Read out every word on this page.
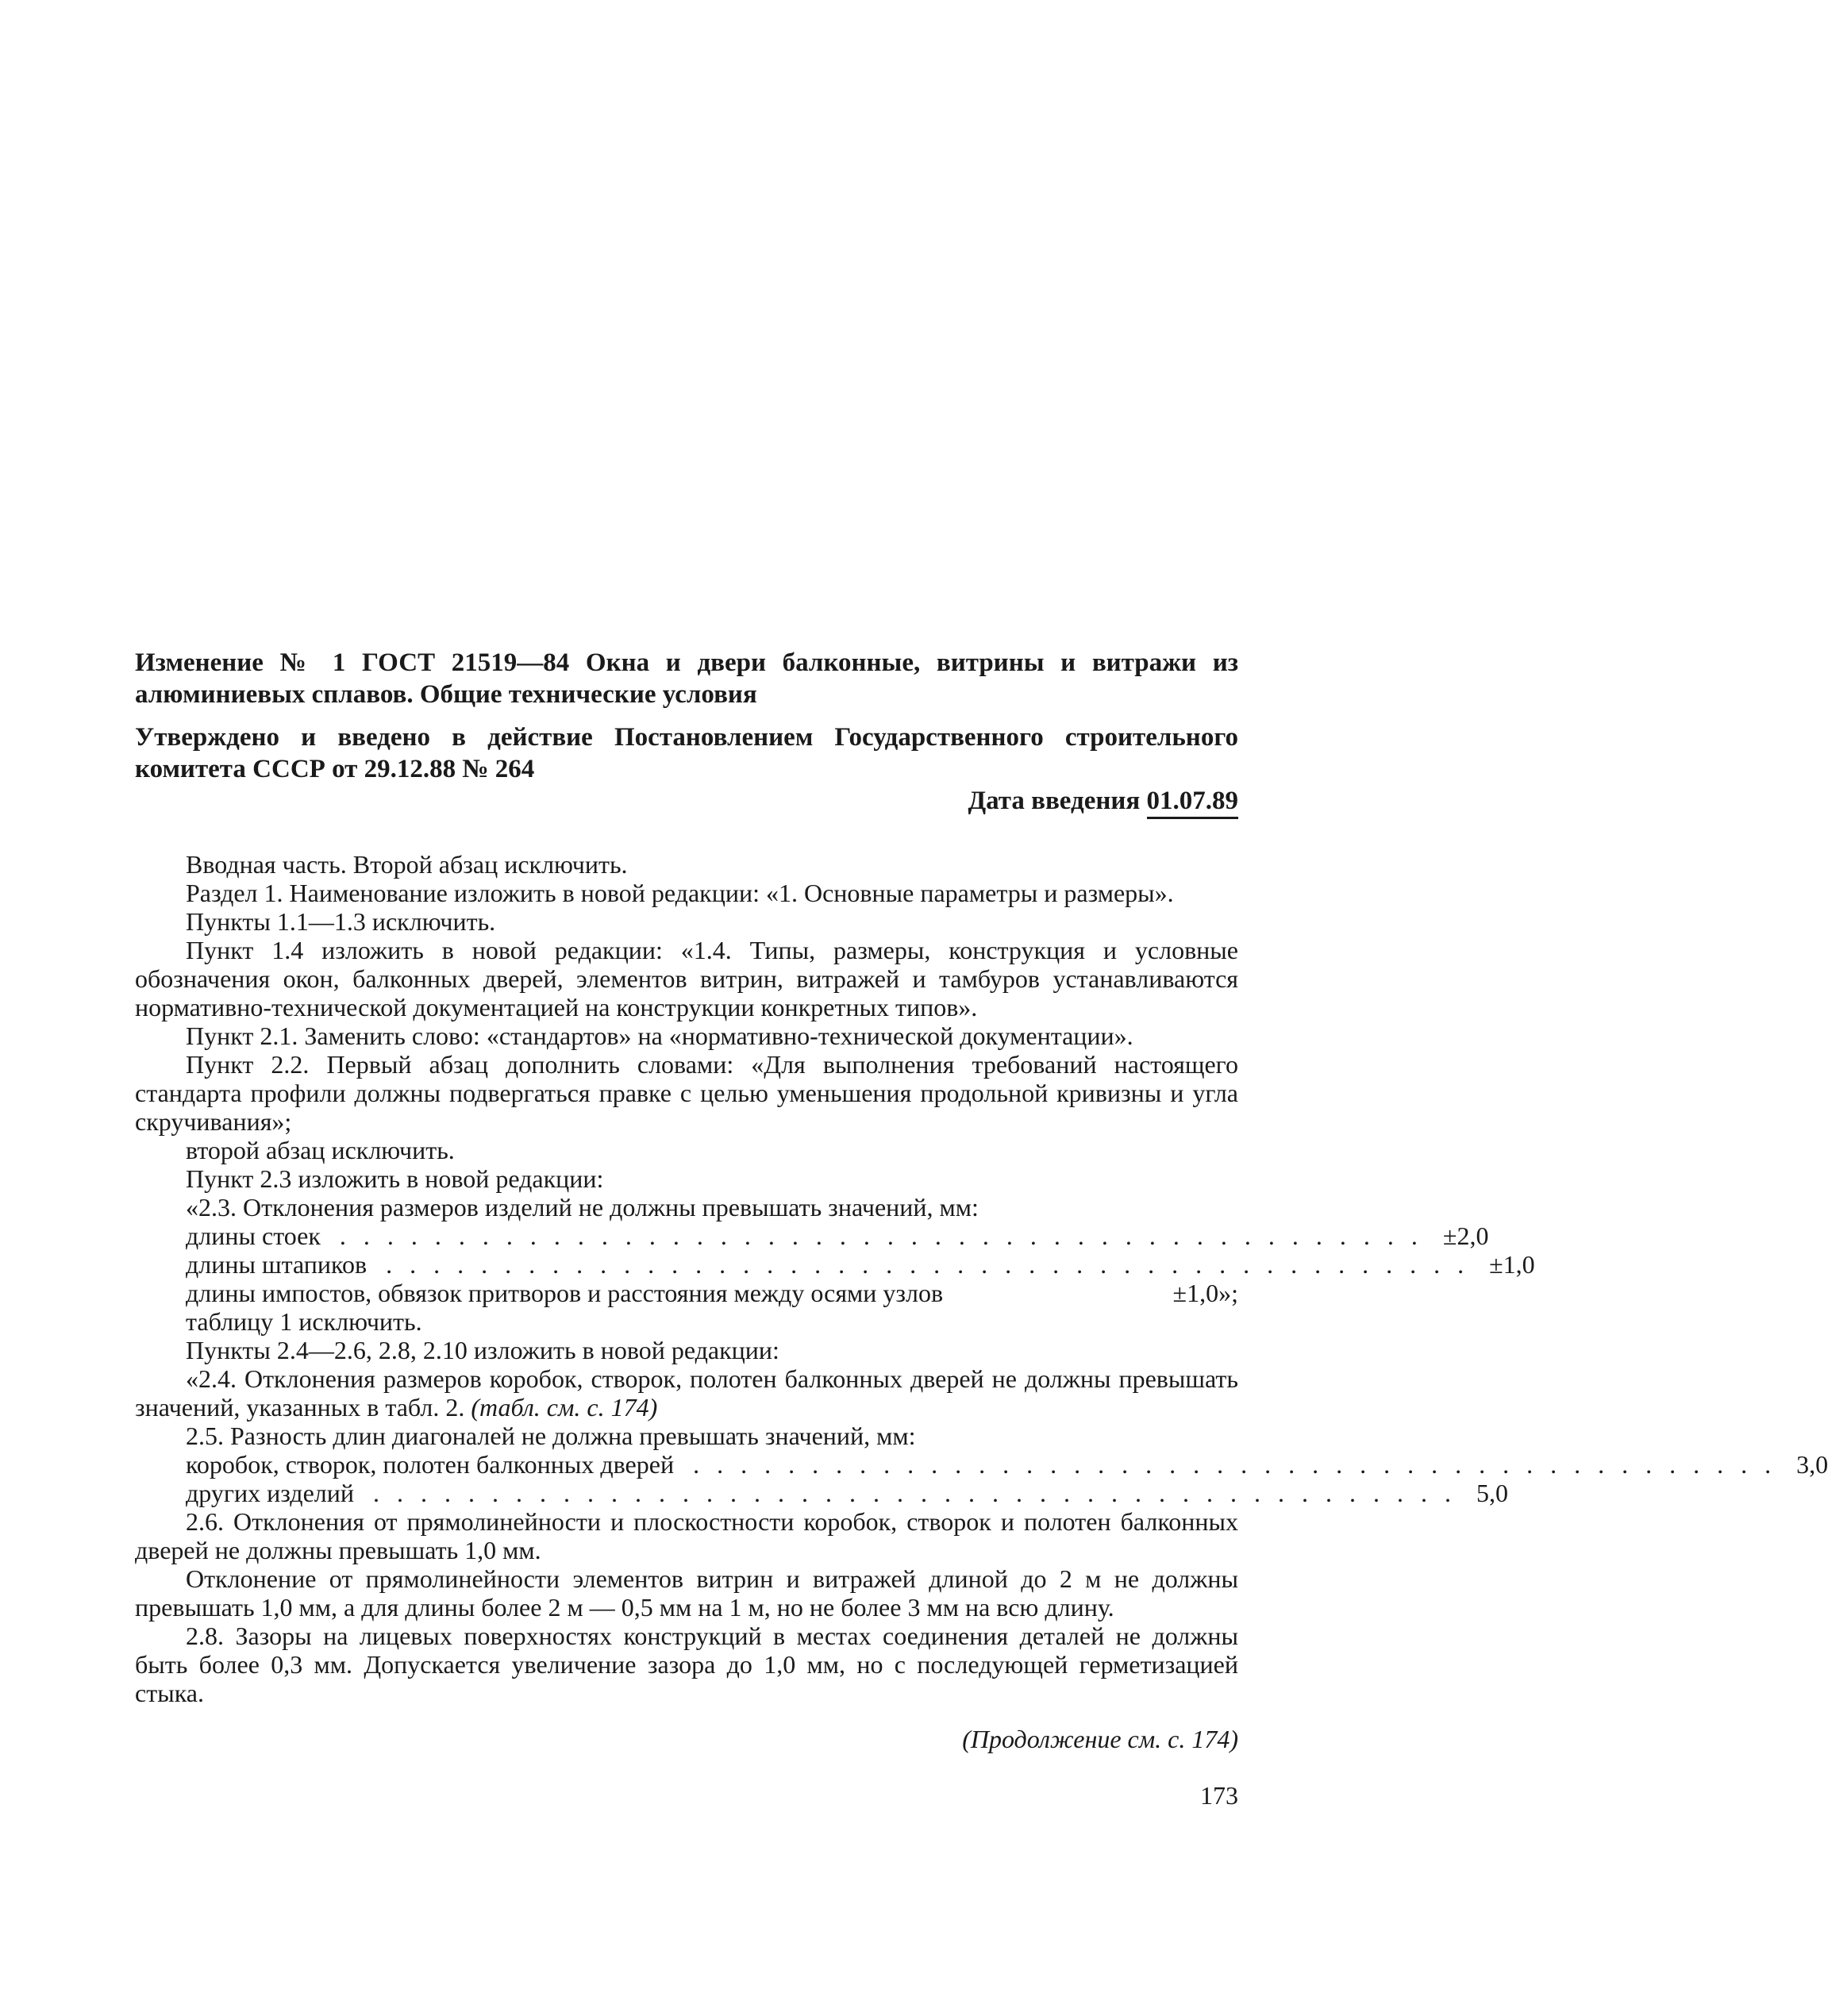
Изменение № 1 ГОСТ 21519—84 Окна и двери балконные, витрины и витражи из алюминиевых сплавов. Общие технические условия

Утверждено и введено в действие Постановлением Государственного строительного комитета СССР от 29.12.88 № 264

Дата введения 01.07.89

Вводная часть. Второй абзац исключить.

Раздел 1. Наименование изложить в новой редакции: «1. Основные параметры и размеры».

Пункты 1.1—1.3 исключить.

Пункт 1.4 изложить в новой редакции: «1.4. Типы, размеры, конструкция и условные обозначения окон, балконных дверей, элементов витрин, витражей и тамбуров устанавливаются нормативно-технической документацией на конструкции конкретных типов».

Пункт 2.1. Заменить слово: «стандартов» на «нормативно-технической документации».

Пункт 2.2. Первый абзац дополнить словами: «Для выполнения требований настоящего стандарта профили должны подвергаться правке с целью уменьшения продольной кривизны и угла скручивания»;

второй абзац исключить.

Пункт 2.3 изложить в новой редакции:

«2.3. Отклонения размеров изделий не должны превышать значений, мм:

длины стоек .............................................. ±2,0
длины штапиков .............................................. ±1,0
длины импостов, обвязок притворов и расстояния между осями узлов	±1,0»;

таблицу 1 исключить.

Пункты 2.4—2.6, 2.8, 2.10 изложить в новой редакции:

«2.4. Отклонения размеров коробок, створок, полотен балконных дверей не должны превышать значений, указанных в табл. 2. (табл. см. с. 174)

2.5. Разность длин диагоналей не должна превышать значений, мм:

коробок, створок, полотен балконных дверей .............................................. 3,0
других изделий .............................................. 5,0

2.6. Отклонения от прямолинейности и плоскостности коробок, створок и полотен балконных дверей не должны превышать 1,0 мм.

Отклонение от прямолинейности элементов витрин и витражей длиной до 2 м не должны превышать 1,0 мм, а для длины более 2 м — 0,5 мм на 1 м, но не более 3 мм на всю длину.

2.8. Зазоры на лицевых поверхностях конструкций в местах соединения деталей не должны быть более 0,3 мм. Допускается увеличение зазора до 1,0 мм, но с последующей герметизацией стыка.

(Продолжение см. с. 174)
173
